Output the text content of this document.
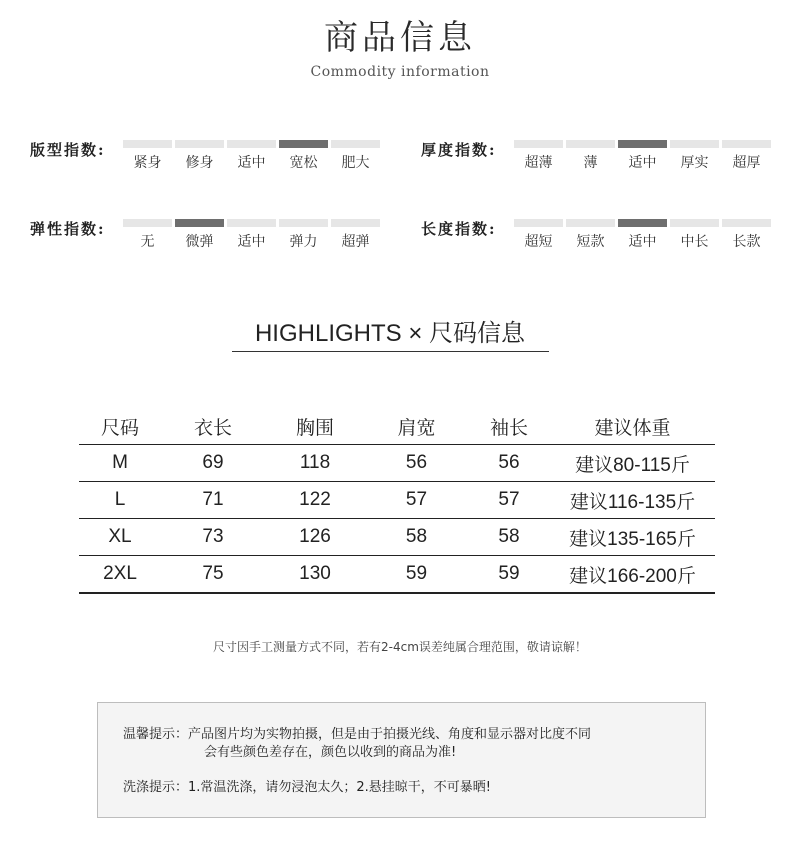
商品信息
Commodity information
版型指数:
紧身	修身	适中	宽松	肥大
厚度指数:
超薄	薄	适中	厚实	超厚
弹性指数:
无	微弹	适中	弹力	超弹
长度指数:
超短	短款	适中	中长	长款
HIGHLIGHTS × 尺码信息
尺码	衣长	胸围	肩宽	袖长	建议体重
M	69	118	56	56	建议80-115斤
L	71	122	57	57	建议116-135斤
XL	73	126	58	58	建议135-165斤
2XL	75	130	59	59	建议166-200斤
尺寸因手工测量方式不同，若有2-4cm误差纯属合理范围，敬请谅解！
温馨提示：产品图片均为实物拍摄，但是由于拍摄光线、角度和显示器对比度不同
会有些颜色差存在，颜色以收到的商品为准!
洗涤提示：1.常温洗涤，请勿浸泡太久；2.悬挂晾干，不可暴晒!
